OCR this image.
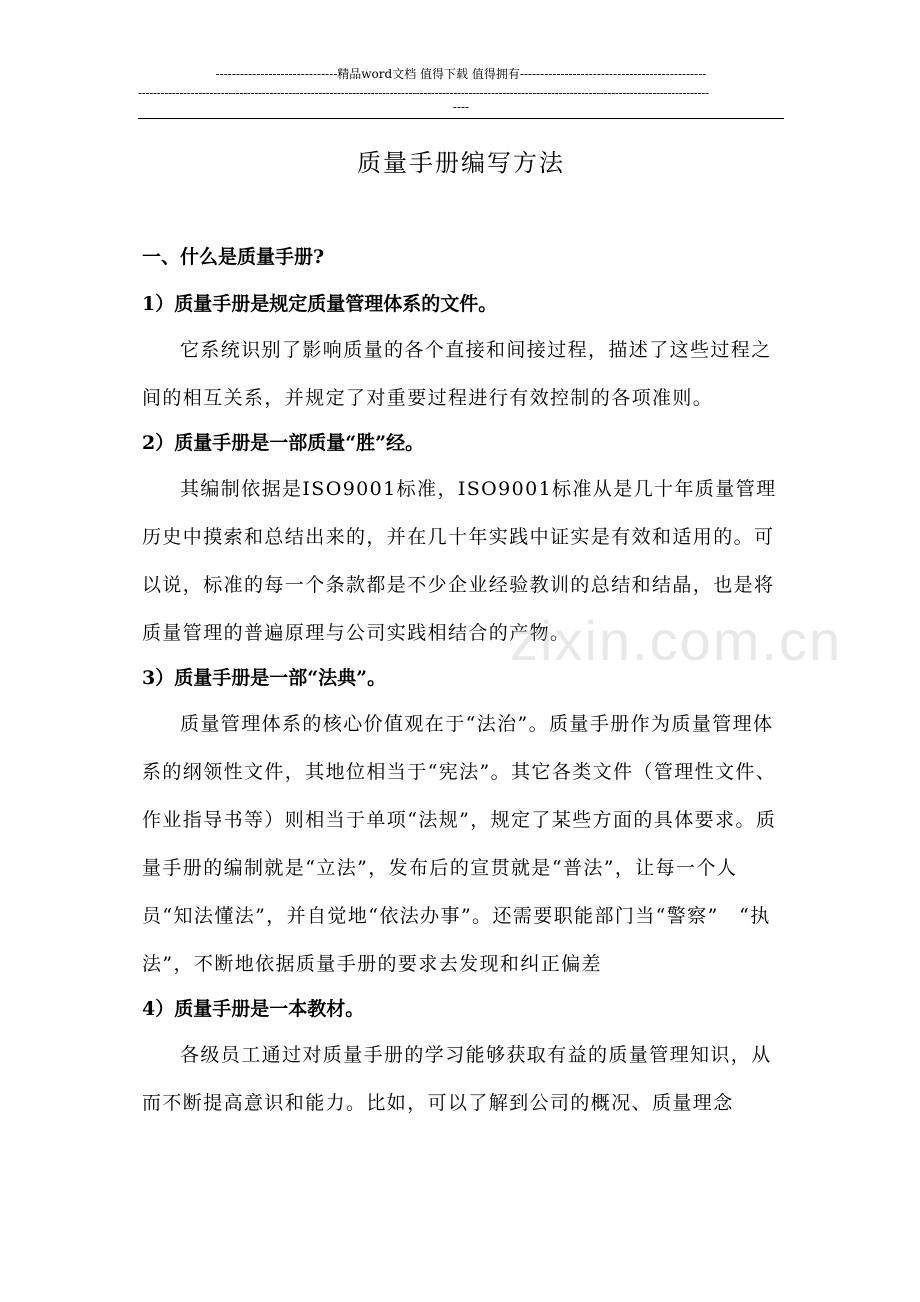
------------------------------精品word文档 值得下载 值得拥有----------------------------------------------
--------------------------------------------------------------------------------------------------------------------------------------------------------
----
质量手册编写方法

一、什么是质量手册?

1）质量手册是规定质量管理体系的文件。

它系统识别了影响质量的各个直接和间接过程，描述了这些过程之间的相互关系，并规定了对重要过程进行有效控制的各项准则。

2）质量手册是一部质量“胜”经。

其编制依据是ISO9001标准，ISO9001标准从是几十年质量管理历史中摸索和总结出来的，并在几十年实践中证实是有效和适用的。可以说，标准的每一个条款都是不少企业经验教训的总结和结晶，也是将质量管理的普遍原理与公司实践相结合的产物。

3）质量手册是一部“法典”。

质量管理体系的核心价值观在于“法治”。质量手册作为质量管理体系的纲领性文件，其地位相当于“宪法”。其它各类文件（管理性文件、作业指导书等）则相当于单项“法规”，规定了某些方面的具体要求。质量手册的编制就是“立法”，发布后的宣贯就是“普法”，让每一个人员“知法懂法”，并自觉地“依法办事”。还需要职能部门当“警察”　“执法”，不断地依据质量手册的要求去发现和纠正偏差

4）质量手册是一本教材。

各级员工通过对质量手册的学习能够获取有益的质量管理知识，从而不断提高意识和能力。比如，可以了解到公司的概况、质量理念

zixin.com.cn
